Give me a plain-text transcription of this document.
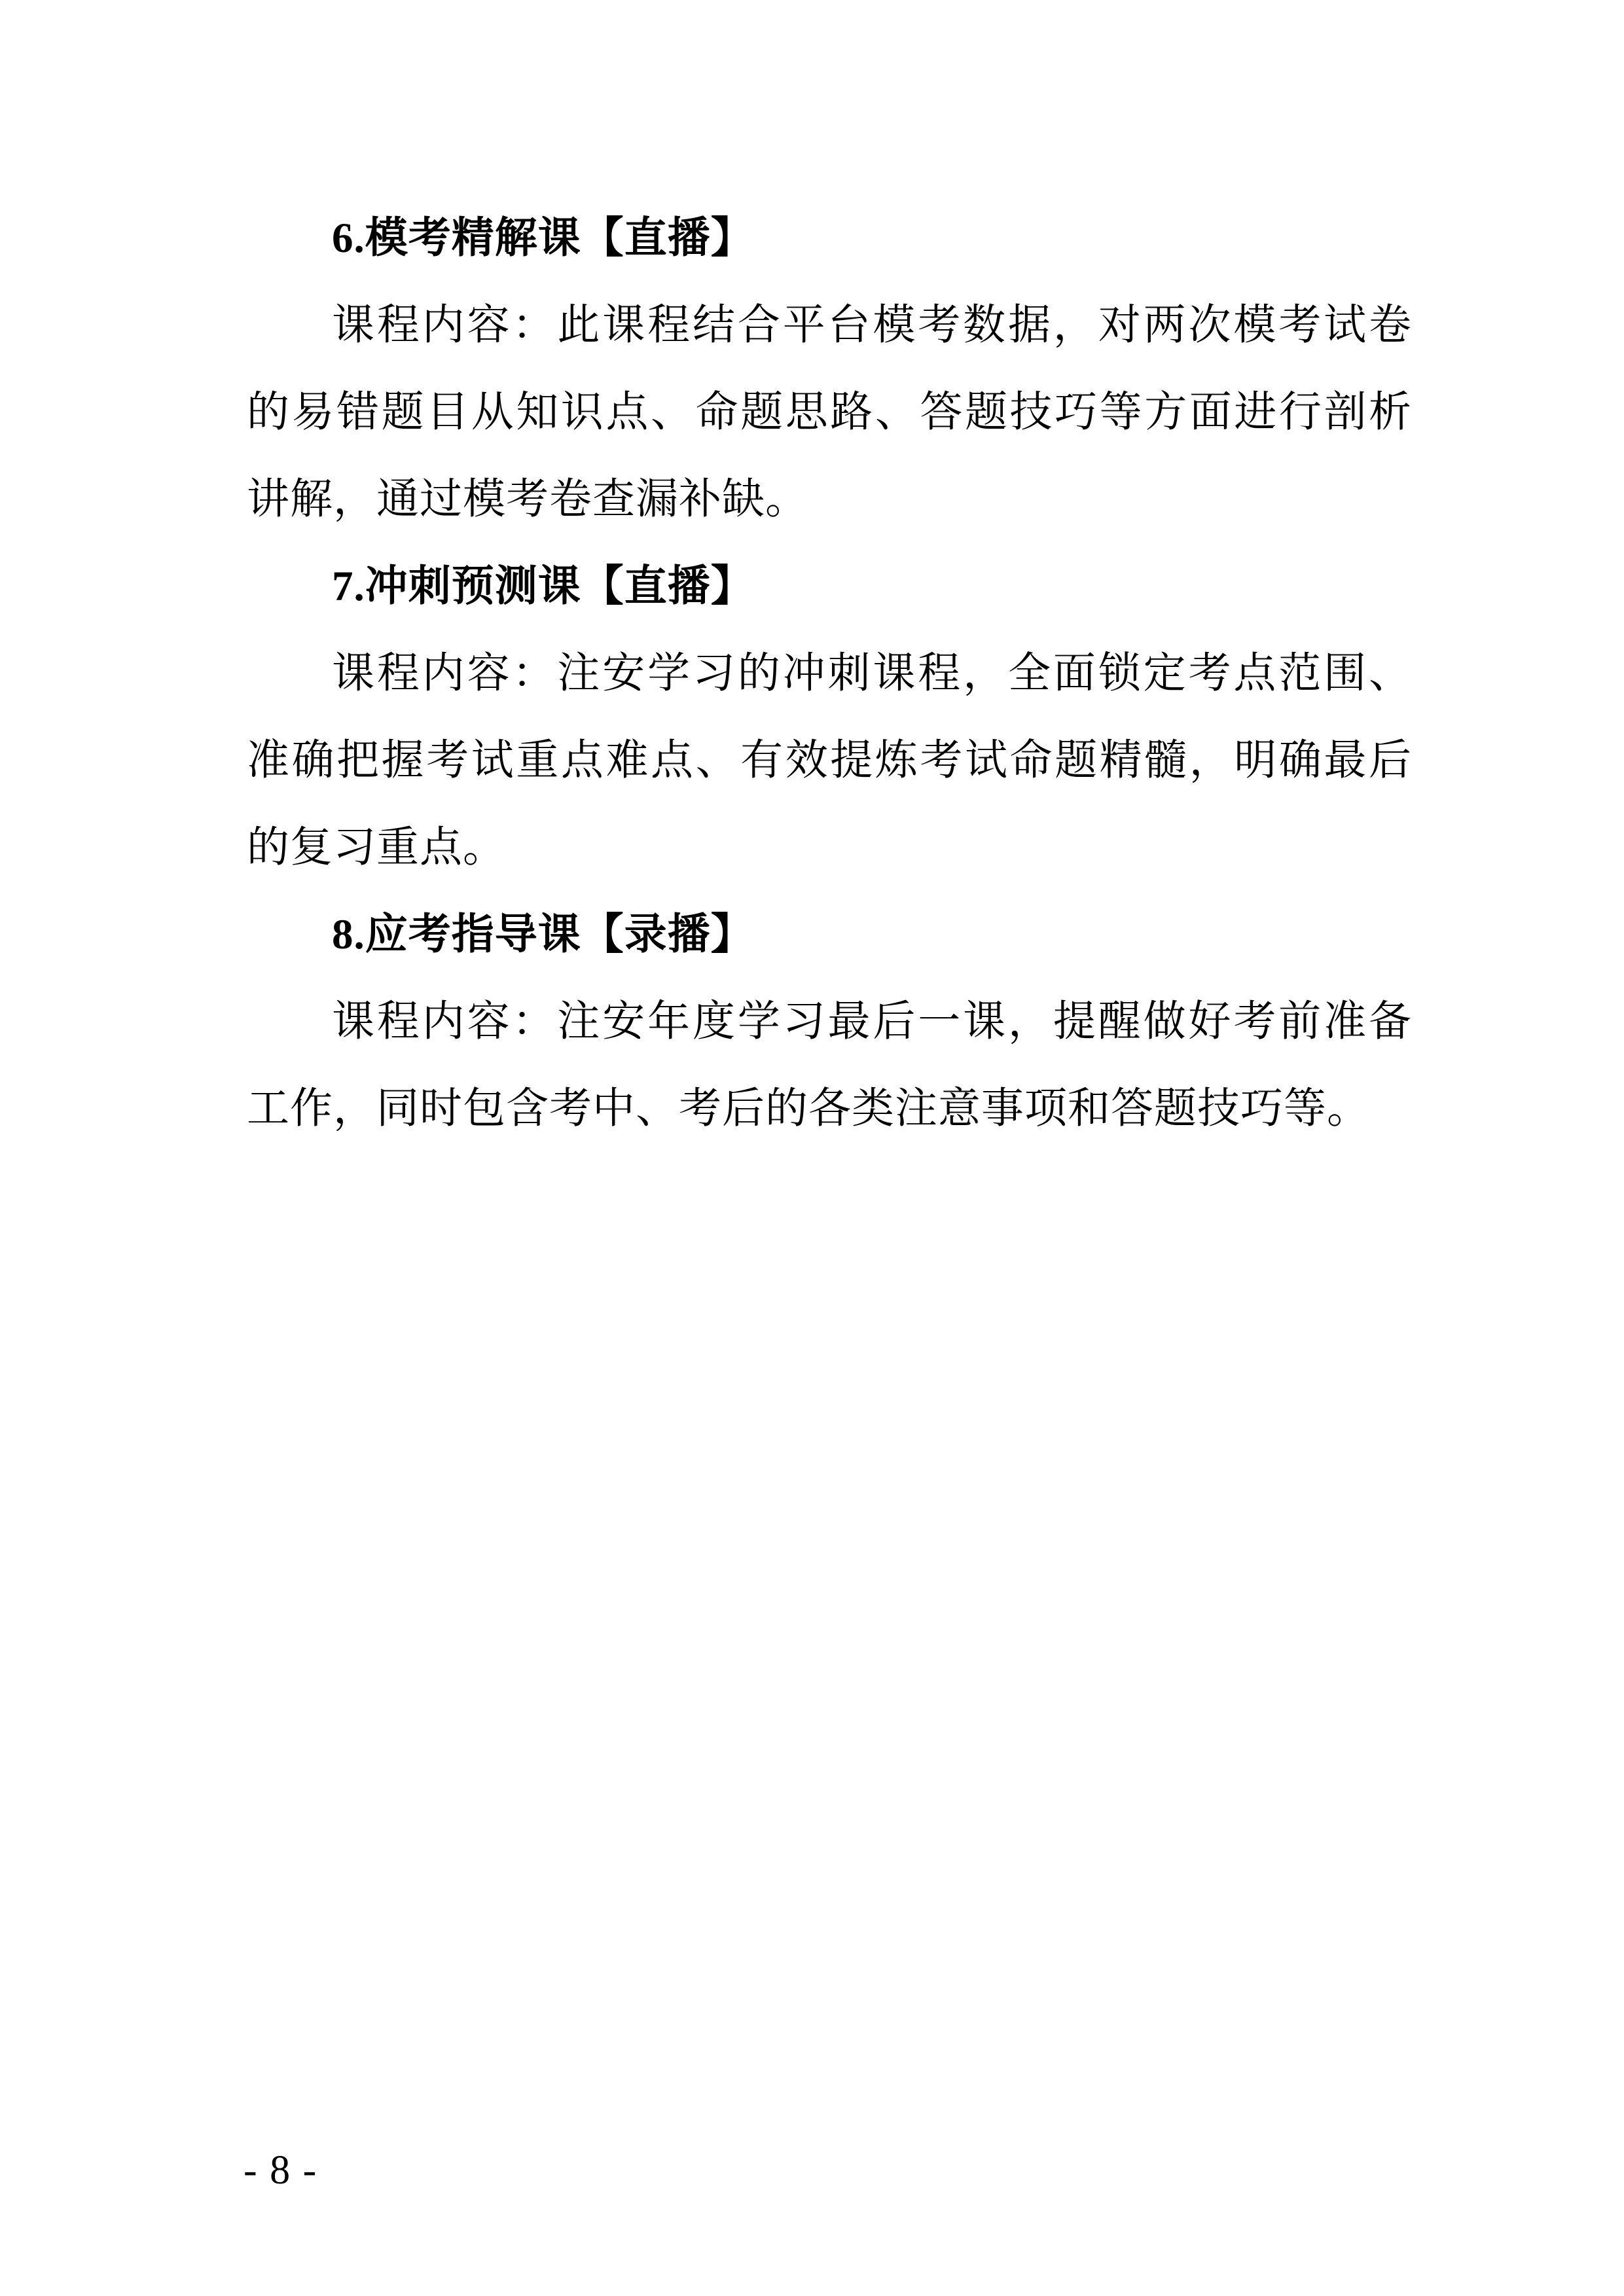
6.模考精解课【直播】
课程内容：此课程结合平台模考数据，对两次模考试卷
的易错题目从知识点、命题思路、答题技巧等方面进行剖析
讲解，通过模考卷查漏补缺。
7.冲刺预测课【直播】
课程内容：注安学习的冲刺课程，全面锁定考点范围、
准确把握考试重点难点、有效提炼考试命题精髓，明确最后
的复习重点。
8.应考指导课【录播】
课程内容：注安年度学习最后一课，提醒做好考前准备
工作，同时包含考中、考后的各类注意事项和答题技巧等。
- 8 -
